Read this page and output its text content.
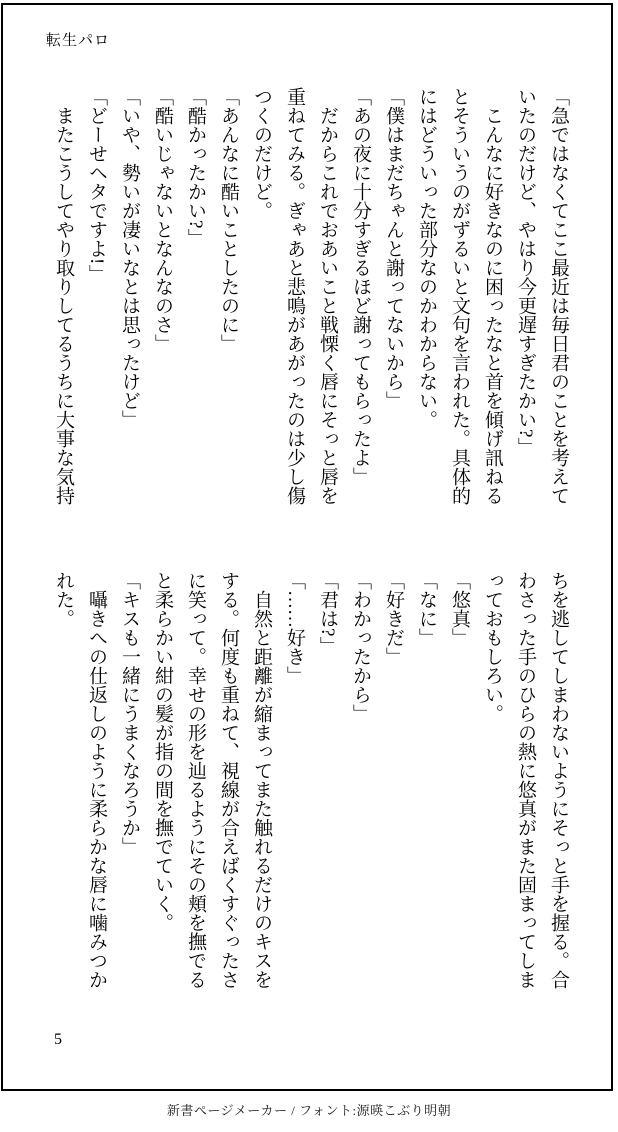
転生パロ

「急ではなくてここ最近は毎日君のことを考えていたのだけど、やはり今更遅すぎたかい?」

こんなに好きなのに困ったなと首を傾げ訊ねるとそういうのがずるいと文句を言われた。具体的にはどういった部分なのかわからない。

「僕はまだちゃんと謝ってないから」

「あの夜に十分すぎるほど謝ってもらったよ」

だからこれでおあいこと戦慄く唇にそっと唇を重ねてみる。ぎゃあと悲鳴があがったのは少し傷つくのだけど。

「あんなに酷いことしたのに」

「酷かったかい?」

「酷いじゃないとなんなのさ」

「いや、勢いが凄いなとは思ったけど」

「どーせヘタですよ!」

またこうしてやり取りしてるうちに大事な気持

ちを逃してしまわないようにそっと手を握る。合わさった手のひらの熱に悠真がまた固まってしまっておもしろい。

「悠真」

「なに」

「好きだ」

「わかったから」

「君は?」

「……好き」

自然と距離が縮まってまた触れるだけのキスをする。何度も重ねて、視線が合えばくすぐったさに笑って。幸せの形を辿るようにその頬を撫でると柔らかい紺の髪が指の間を撫でていく。

「キスも一緒にうまくなろうか」

囁きへの仕返しのように柔らかな唇に噛みつかれた。

5
新書ページメーカー / フォント:源暎こぶり明朝
